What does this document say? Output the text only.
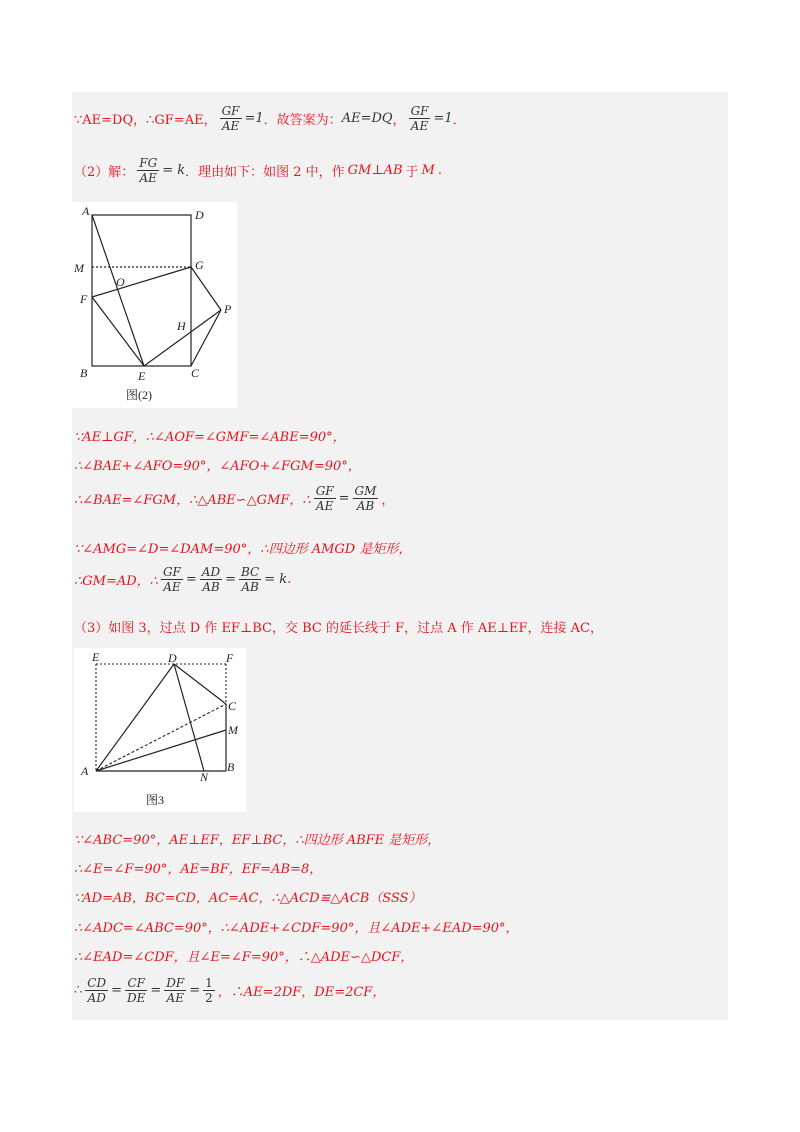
∵AE=DQ，∴GF=AE， $\frac{GF}{AE} =1$ ．故答案为： AE=DQ ， $\frac{GF}{AE} =1$ ．
（2）解： $\frac{FG}{AE} = k$ ．理由如下：如图 2 中，作 GM⊥AB 于 M .
A	D
M	G
O
F
P
H
B	E	C
图(2)
∵AE⊥GF，∴∠AOF=∠GMF=∠ABE=90°，
∴∠BAE+∠AFO=90°，∠AFO+∠FGM=90°，
∴∠BAE=∠FGM，∴△ABE∽△GMF，∴ $\frac{GF}{AE} = \frac{GM}{AB}$ ，
∵∠AMG=∠D=∠DAM=90°，∴四边形 AMGD 是矩形，
∴GM=AD，∴ $\frac{GF}{AE} = \frac{AD}{AB} = \frac{BC}{AB} = k$ .
（3）如图 3，过点 D 作 EF⊥BC，交 BC 的延长线于 F，过点 A 作 AE⊥EF，连接 AC，
E	D	F
C
M
A	N
B
图3
∵∠ABC=90°，AE⊥EF，EF⊥BC，∴四边形 ABFE 是矩形，
∴∠E=∠F=90°，AE=BF，EF=AB=8，
∵AD=AB，BC=CD，AC=AC，∴△ACD≌△ACB（SSS）
∴∠ADC=∠ABC=90°，∴∠ADE+∠CDF=90°，且∠ADE+∠EAD=90°，
∴∠EAD=∠CDF，且∠E=∠F=90°，∴△ADE∽△DCF，
∴ $\frac{CD}{AD} = \frac{CF}{DE} = \frac{DF}{AE} = \frac{1}{2}$ ，∴AE=2DF，DE=2CF，
